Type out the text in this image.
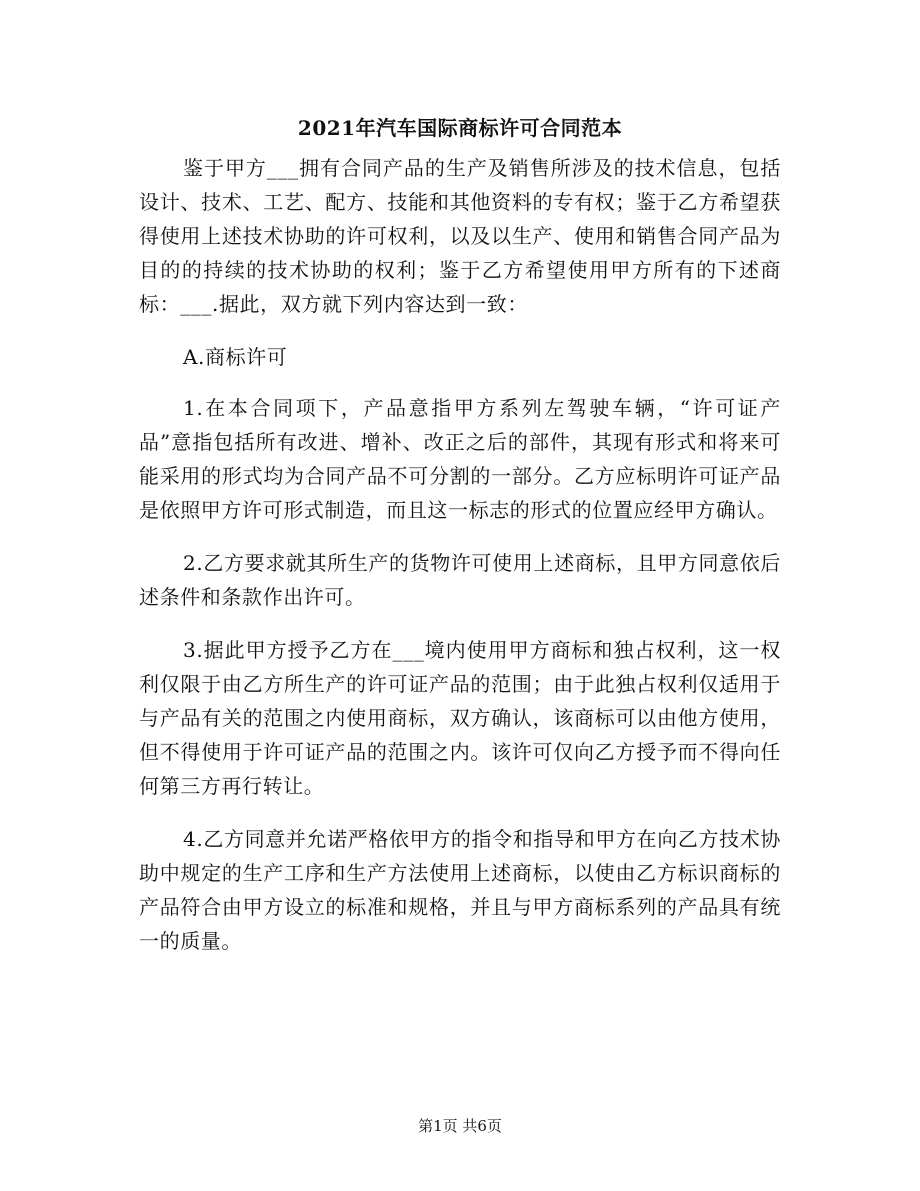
2021年汽车国际商标许可合同范本

鉴于甲方___拥有合同产品的生产及销售所涉及的技术信息，包括设计、技术、工艺、配方、技能和其他资料的专有权；鉴于乙方希望获得使用上述技术协助的许可权利，以及以生产、使用和销售合同产品为目的的持续的技术协助的权利；鉴于乙方希望使用甲方所有的下述商标：___.据此，双方就下列内容达到一致：

A.商标许可

1.在本合同项下，产品意指甲方系列左驾驶车辆，“许可证产品”意指包括所有改进、增补、改正之后的部件，其现有形式和将来可能采用的形式均为合同产品不可分割的一部分。乙方应标明许可证产品是依照甲方许可形式制造，而且这一标志的形式的位置应经甲方确认。

2.乙方要求就其所生产的货物许可使用上述商标，且甲方同意依后述条件和条款作出许可。

3.据此甲方授予乙方在___境内使用甲方商标和独占权利，这一权利仅限于由乙方所生产的许可证产品的范围；由于此独占权利仅适用于与产品有关的范围之内使用商标，双方确认，该商标可以由他方使用，但不得使用于许可证产品的范围之内。该许可仅向乙方授予而不得向任何第三方再行转让。

4.乙方同意并允诺严格依甲方的指令和指导和甲方在向乙方技术协助中规定的生产工序和生产方法使用上述商标，以使由乙方标识商标的产品符合由甲方设立的标准和规格，并且与甲方商标系列的产品具有统一的质量。

第1页 共6页
